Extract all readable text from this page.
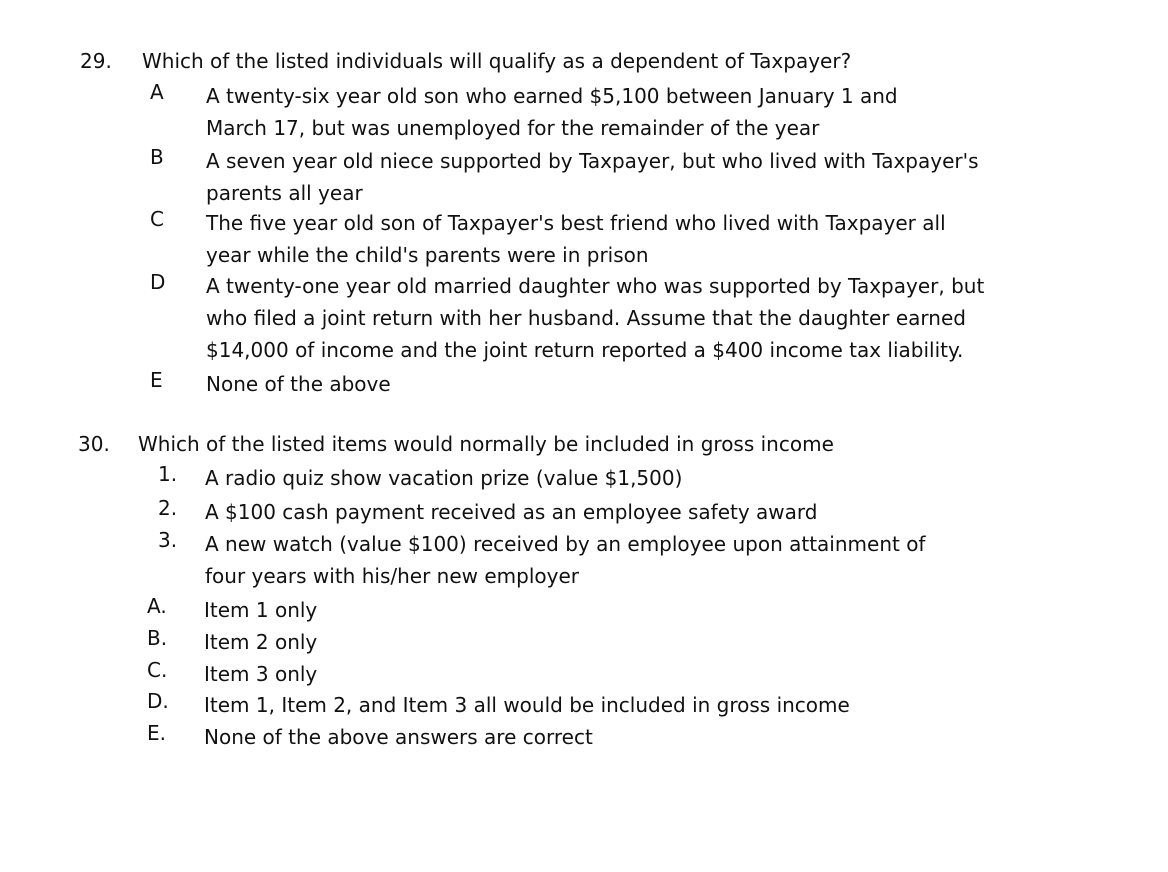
29. Which of the listed individuals will qualify as a dependent of Taxpayer?
A A twenty-six year old son who earned $5,100 between January 1 and March 17, but was unemployed for the remainder of the year
B A seven year old niece supported by Taxpayer, but who lived with Taxpayer's parents all year
C The five year old son of Taxpayer's best friend who lived with Taxpayer all year while the child's parents were in prison
D A twenty-one year old married daughter who was supported by Taxpayer, but who filed a joint return with her husband. Assume that the daughter earned $14,000 of income and the joint return reported a $400 income tax liability.
E None of the above
30. Which of the listed items would normally be included in gross income
1. A radio quiz show vacation prize (value $1,500)
2. A $100 cash payment received as an employee safety award
3. A new watch (value $100) received by an employee upon attainment of four years with his/her new employer
A. Item 1 only
B. Item 2 only
C. Item 3 only
D. Item 1, Item 2, and Item 3 all would be included in gross income
E. None of the above answers are correct
